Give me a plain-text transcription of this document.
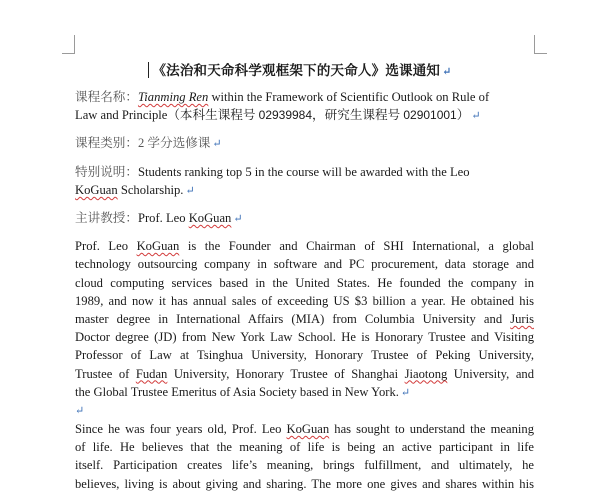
《法治和天命科学观框架下的天命人》选课通知 ↵

课程名称：Tianming Ren within the Framework of Scientific Outlook on Rule of
Law and Principle（本科生课程号 02939984，研究生课程号 02901001） ↵

课程类别：2 学分选修课 ↵

特别说明：Students ranking top 5 in the course will be awarded with the Leo
KoGuan Scholarship. ↵

主讲教授：Prof. Leo KoGuan ↵

Prof. Leo KoGuan is the Founder and Chairman of SHI International, a global

technology outsourcing company in software and PC procurement, data storage and

cloud computing services based in the United States. He founded the company in

1989, and now it has annual sales of exceeding US $3 billion a year. He obtained his

master degree in International Affairs (MIA) from Columbia University and Juris

Doctor degree (JD) from New York Law School. He is Honorary Trustee and Visiting

Professor of Law at Tsinghua University, Honorary Trustee of Peking University,

Trustee of Fudan University, Honorary Trustee of Shanghai Jiaotong University, and

the Global Trustee Emeritus of Asia Society based in New York. ↵

↵

Since he was four years old, Prof. Leo KoGuan has sought to understand the meaning

of life. He believes that the meaning of life is being an active participant in life

itself. Participation creates life’s meaning, brings fulfillment, and ultimately, he

believes, living is about giving and sharing. The more one gives and shares within his
